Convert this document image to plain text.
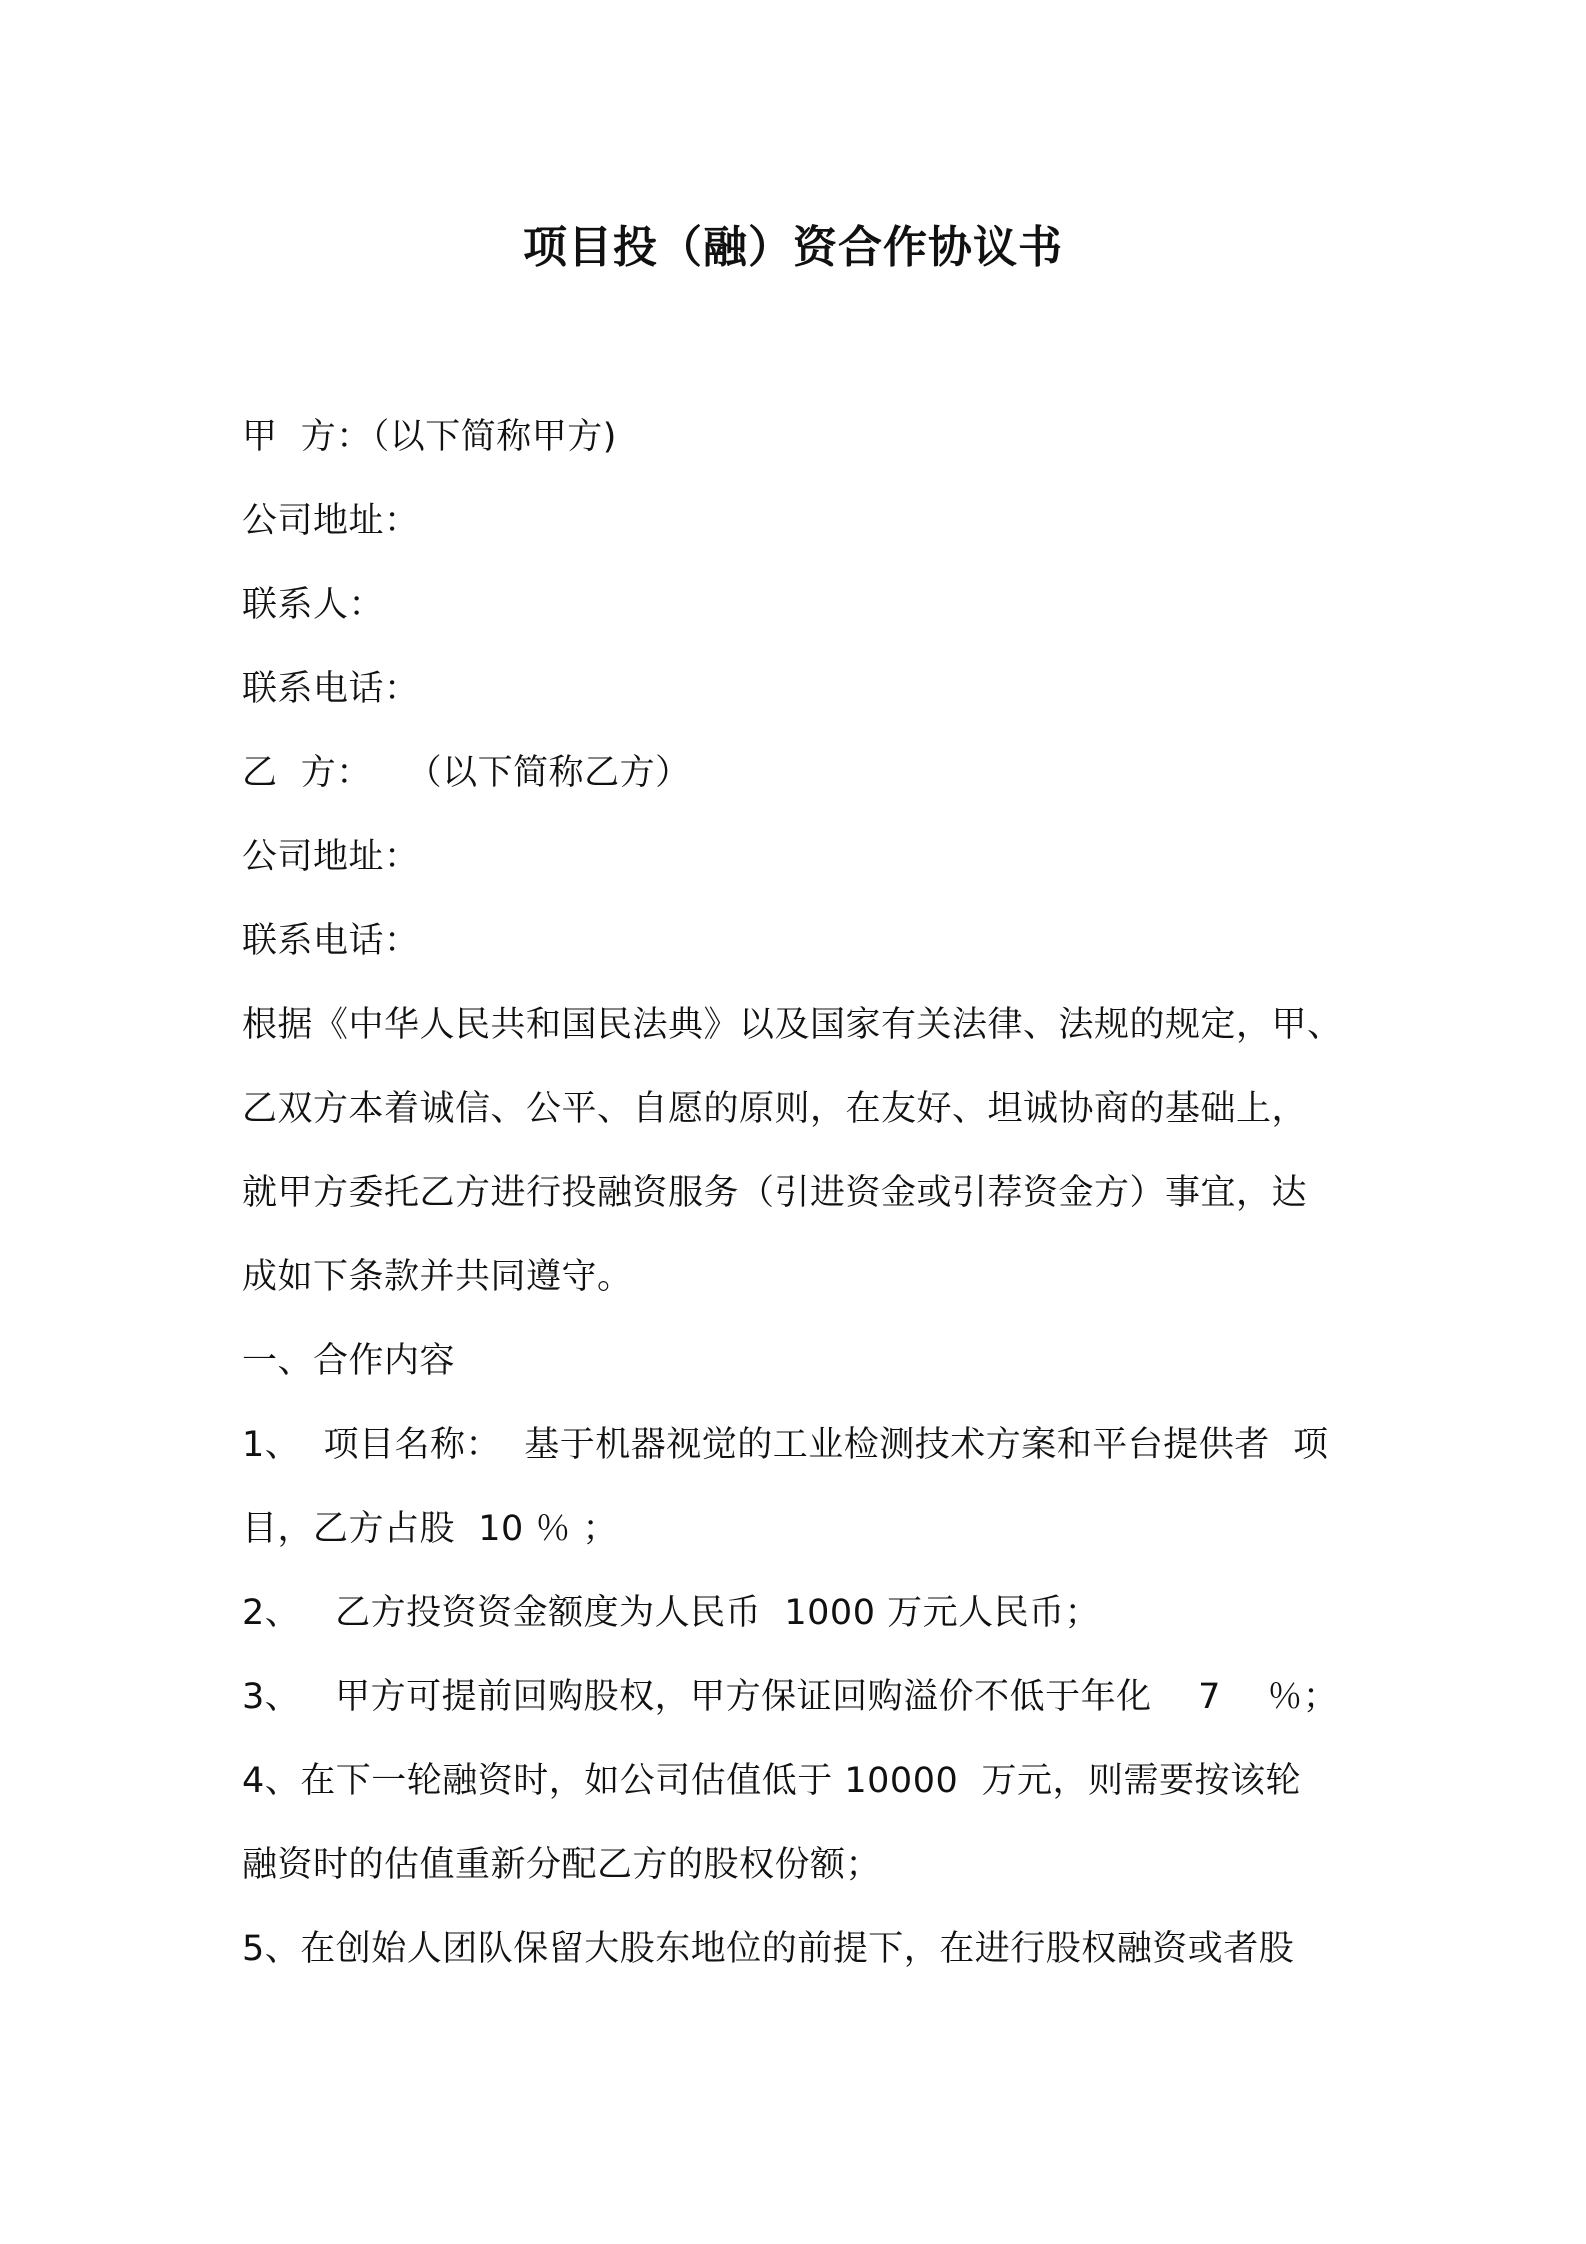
项目投（融）资合作协议书
甲  方：（以下简称甲方)
公司地址：
联系人：
联系电话：
乙  方：   （以下简称乙方）
公司地址：
联系电话：
根据《中华人民共和国民法典》以及国家有关法律、法规的规定，甲、
乙双方本着诚信、公平、自愿的原则，在友好、坦诚协商的基础上，
就甲方委托乙方进行投融资服务（引进资金或引荐资金方）事宜，达
成如下条款并共同遵守。
一、合作内容
1、  项目名称：  基于机器视觉的工业检测技术方案和平台提供者  项
目，乙方占股  10 ％ ；
2、   乙方投资资金额度为人民币  1000 万元人民币；
3、   甲方可提前回购股权，甲方保证回购溢价不低于年化    7    ％；
4、在下一轮融资时，如公司估值低于 10000  万元，则需要按该轮
融资时的估值重新分配乙方的股权份额；
5、在创始人团队保留大股东地位的前提下，在进行股权融资或者股
